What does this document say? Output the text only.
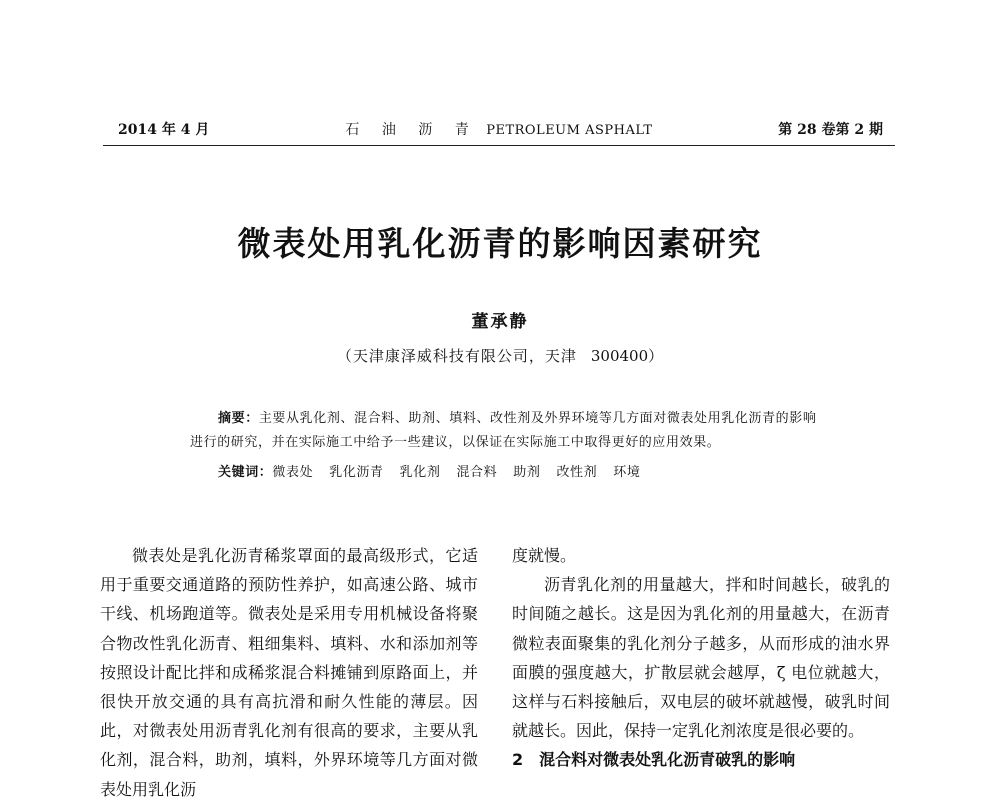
2014 年 4 月	石 油 沥 青 PETROLEUM ASPHALT	第 28 卷第 2 期
微表处用乳化沥青的影响因素研究
董承静
（天津康泽威科技有限公司，天津 300400）

摘要：主要从乳化剂、混合料、助剂、填料、改性剂及外界环境等几方面对微表处用乳化沥青的影响进行的研究，并在实际施工中给予一些建议，以保证在实际施工中取得更好的应用效果。

关键词：微表处 乳化沥青 乳化剂 混合料 助剂 改性剂 环境

微表处是乳化沥青稀浆罩面的最高级形式，它适用于重要交通道路的预防性养护，如高速公路、城市干线、机场跑道等。微表处是采用专用机械设备将聚合物改性乳化沥青、粗细集料、填料、水和添加剂等按照设计配比拌和成稀浆混合料摊铺到原路面上，并很快开放交通的具有高抗滑和耐久性能的薄层。因此，对微表处用沥青乳化剂有很高的要求，主要从乳化剂，混合料，助剂，填料，外界环境等几方面对微表处用乳化沥

度就慢。

沥青乳化剂的用量越大，拌和时间越长，破乳的时间随之越长。这是因为乳化剂的用量越大，在沥青微粒表面聚集的乳化剂分子越多，从而形成的油水界面膜的强度越大，扩散层就会越厚，ζ 电位就越大，这样与石料接触后，双电层的破坏就越慢，破乳时间就越长。因此，保持一定乳化剂浓度是很必要的。

2　混合料对微表处乳化沥青破乳的影响
